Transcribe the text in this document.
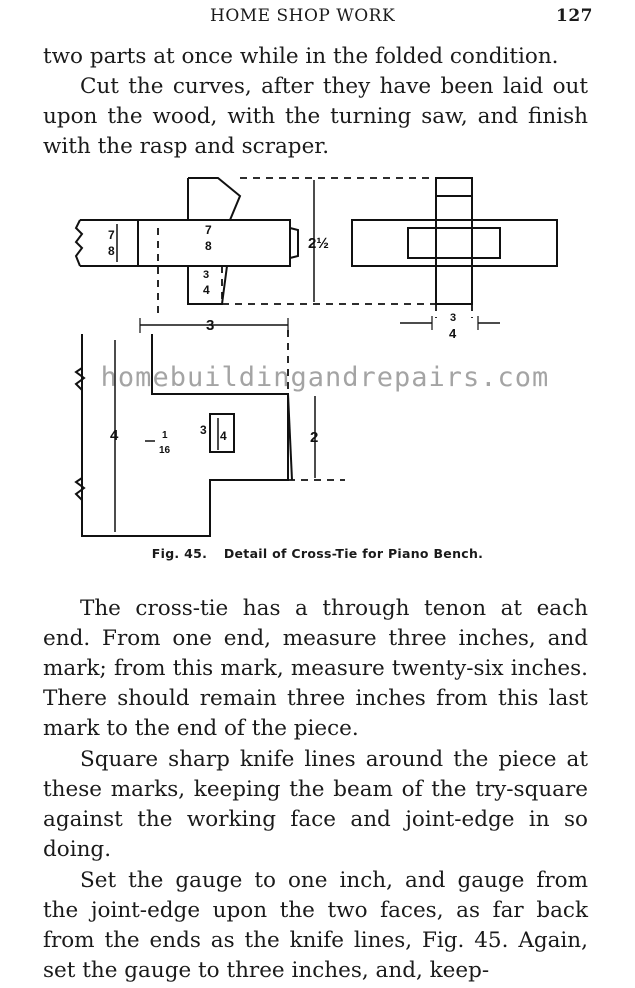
HOME SHOP WORK	127

two parts at once while in the folded condition.

Cut the curves, after they have been laid out upon the wood, with the turning saw, and finish with the rasp and scraper.

7
8
7
8
3
4
2½
3
4
3
4	2
3 4
1
16
homebuildingandrepairs.com
Fig. 45. Detail of Cross-Tie for Piano Bench.

The cross-tie has a through tenon at each end. From one end, measure three inches, and mark; from this mark, measure twenty-six inches. There should remain three inches from this last mark to the end of the piece.

Square sharp knife lines around the piece at these marks, keeping the beam of the try-square against the working face and joint-edge in so doing.

Set the gauge to one inch, and gauge from the joint-edge upon the two faces, as far back from the ends as the knife lines, Fig. 45. Again, set the gauge to three inches, and, keep-
